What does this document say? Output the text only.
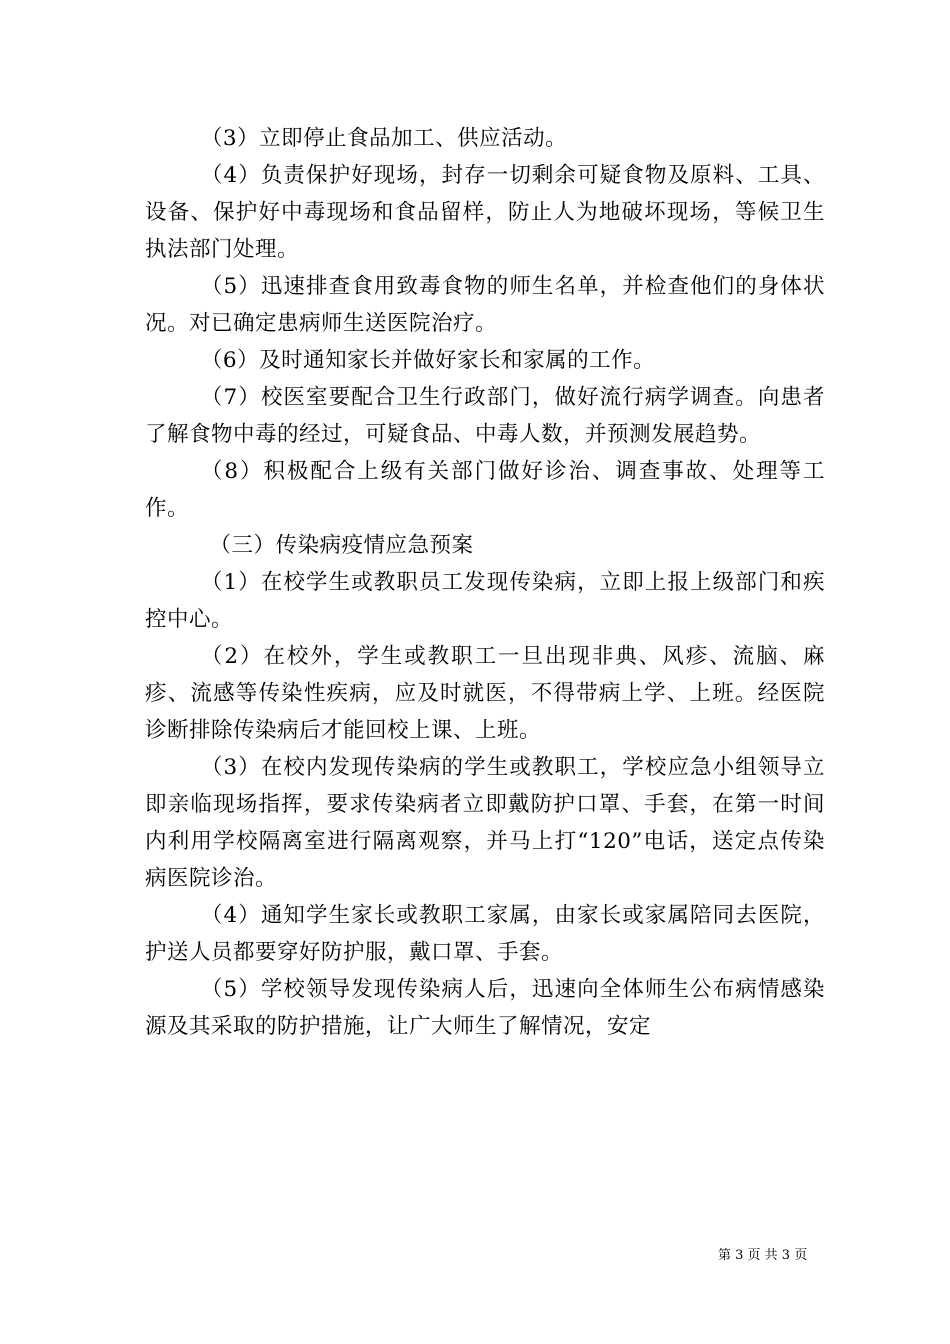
（3）立即停止食品加工、供应活动。

（4）负责保护好现场，封存一切剩余可疑食物及原料、工具、设备、保护好中毒现场和食品留样，防止人为地破坏现场，等候卫生执法部门处理。

（5）迅速排查食用致毒食物的师生名单，并检查他们的身体状况。对已确定患病师生送医院治疗。

（6）及时通知家长并做好家长和家属的工作。

（7）校医室要配合卫生行政部门，做好流行病学调查。向患者了解食物中毒的经过，可疑食品、中毒人数，并预测发展趋势。

（8）积极配合上级有关部门做好诊治、调查事故、处理等工作。

（三）传染病疫情应急预案

（1）在校学生或教职员工发现传染病，立即上报上级部门和疾控中心。

（2）在校外，学生或教职工一旦出现非典、风疹、流脑、麻疹、流感等传染性疾病，应及时就医，不得带病上学、上班。经医院诊断排除传染病后才能回校上课、上班。

（3）在校内发现传染病的学生或教职工，学校应急小组领导立即亲临现场指挥，要求传染病者立即戴防护口罩、手套，在第一时间内利用学校隔离室进行隔离观察，并马上打“120”电话，送定点传染病医院诊治。

（4）通知学生家长或教职工家属，由家长或家属陪同去医院，护送人员都要穿好防护服，戴口罩、手套。

（5）学校领导发现传染病人后，迅速向全体师生公布病情感染源及其采取的防护措施，让广大师生了解情况，安定

第 3 页 共 3 页
